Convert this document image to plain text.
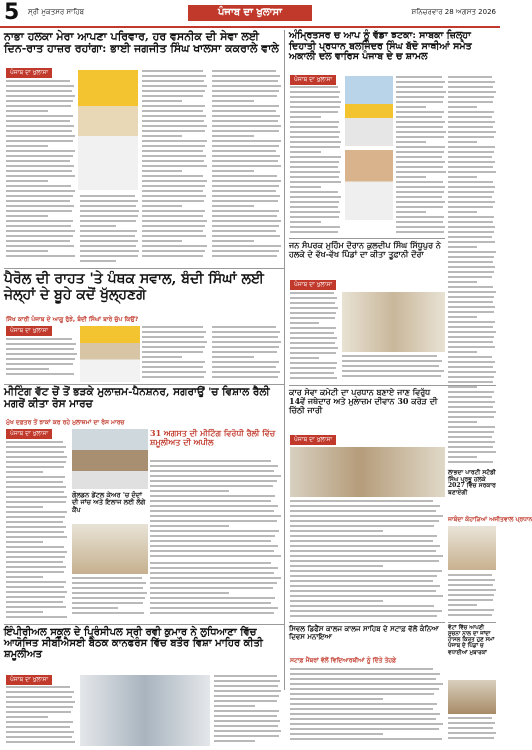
5 ਸ੍ਰੀ ਮੁਕਤਸਰ ਸਾਹਿਬ	ਪੰਜਾਬ ਦਾ ਖੁਲਾਸਾ	ਸ਼ਨਿਚਰਵਾਰ 28 ਅਗਸਤ 2026
ਨਾਭਾ ਹਲਕਾ ਮੇਰਾ ਆਪਣਾ ਪਰਿਵਾਰ, ਹਰ ਵਸਨੀਕ ਦੀ ਸੇਵਾ ਲਈ ਦਿਨ-ਰਾਤ ਹਾਜ਼ਰ ਰਹਾਂਗਾ: ਭਾਈ ਜਗਜੀਤ ਸਿੰਘ ਖਾਲਸਾ ਕਕਰਾਲੇ ਵਾਲੇ
ਪੰਜਾਬ ਦਾ ਖੁਲਾਸਾ
ਅੰਮ੍ਰਿਤਸਰ ਚ ਆਪ ਨੂੰ ਵੱਡਾ ਝਟਕਾ: ਸਾਬਕਾ ਜ਼ਿਲ੍ਹਾ ਦਿਹਾਤੀ ਪ੍ਰਧਾਨ ਬਲਜਿੰਦਰ ਸਿੰਘ ਬੱਦੋ ਸਾਥੀਆਂ ਸਮੇਤ ਅਕਾਲੀ ਦਲ ਵਾਰਿਸ ਪੰਜਾਬ ਦੇ ਚ ਸ਼ਾਮਲ
ਪੰਜਾਬ ਦਾ ਖੁਲਾਸਾ
ਪੈਰੋਲ ਦੀ ਰਾਹਤ 'ਤੇ ਪੰਥਕ ਸਵਾਲ, ਬੰਦੀ ਸਿੰਘਾਂ ਲਈ ਜੇਲ੍ਹਾਂ ਦੇ ਬੂਹੇ ਕਦੋਂ ਖੁੱਲ੍ਹਣਗੇ
ਸਿੱਖ ਕਾਰੀ ਪੰਜਾਬ ਦੇ ਆਗੂ ਰੁੱਝੇ, ਬੰਦੀ ਸਿੰਘਾਂ ਬਾਰੇ ਚੁੱਪ ਕਿਉਂ?
ਪੰਜਾਬ ਦਾ ਖੁਲਾਸਾ
ਜਨ ਸੰਪਰਕ ਮੁਹਿੰਮ ਦੌਰਾਨ ਕੁਲਦੀਪ ਸਿੰਘ ਸਿੱਧੂਪੁਰ ਨੇ ਹਲਕੇ ਦੇ ਵੱਖ-ਵੱਖ ਪਿੰਡਾਂ ਦਾ ਕੀਤਾ ਤੂਫ਼ਾਨੀ ਦੌਰਾ
ਪੰਜਾਬ ਦਾ ਖੁਲਾਸਾ
ਮੀਟਿੰਗ ਵੱਟ ਚੋਂ ਤੋਂ ਭੜਕੇ ਮੁਲਾਜ਼ਮ-ਪੈਨਸ਼ਨਰ, ਸਗਰਾਉਂ 'ਚ ਵਿਸ਼ਾਲ ਰੈਲੀ ਮਗਰੋਂ ਕੀਤਾ ਰੋਸ ਮਾਰਚ
ਮੁੱਖ ਦਫ਼ਤਰ ਤੋਂ ਝਾਕਾਂ ਕਰ ਰਹੇ ਮੁਲਾਜ਼ਮਾਂ ਦਾ ਰੋਸ ਮਾਰਚ
ਪੰਜਾਬ ਦਾ ਖੁਲਾਸਾ	31 ਅਗਸਤ ਦੀ ਮੀਟਿੰਗ ਵਿਰੋਧੀ ਰੈਲੀ ਵਿੱਚ ਸ਼ਮੂਲੀਅਤ ਦੀ ਅਪੀਲ
ਗੋਲਡਨ ਡੇਂਟਲ ਕੇਅਰ 'ਚ ਦੰਦਾਂ ਦੀ ਜਾਂਚ ਅਤੇ ਇਲਾਜ ਲਈ ਲੱਗੇ ਕੈਂਪ
ਕਾਰ ਸੇਵਾ ਕਮੇਟੀ ਦਾ ਪ੍ਰਧਾਨ ਬਣਾਏ ਜਾਣ ਵਿਰੁੱਧ 14ਵੇਂ ਜਥੇਦਾਰ ਅਤੇ ਮੁਲਾਜ਼ਮ ਦੀਵਾਨ 30 ਕਰੋੜ ਦੀ ਚਿੱਠੀ ਜਾਰੀ
ਪੰਜਾਬ ਦਾ ਖੁਲਾਸਾ
ਲਾਭਦਾ ਪਾਰਟੀ ਸਟੱਡੀ ਸਿੰਘ ਪ੍ਰਭੂ ਹਲਕੇ 2027 ਵਿੱਚ ਸਰਕਾਰ ਬਣਾਏਗੀ
ਜਾਬੰਦਾ ਕੋਹਾੜਿਆਂ ਅਜੀਤਵਾਲ ਪ੍ਰਧਾਨ
ਇੰਪੀਰੀਅਲ ਸਕੂਲ ਦੇ ਪ੍ਰਿੰਸੀਪਲ ਸ੍ਰੀ ਰਵੀ ਕੁਮਾਰ ਨੇ ਲੁਧਿਆਣਾ ਵਿੱਚ ਆਯੋਜਿਤ ਸੀਬੀਐਸਈ ਬੈਠਕ ਕਾਨਫਰੰਸ ਵਿੱਚ ਬਤੌਰ ਵਿਸ਼ਾ ਮਾਹਿਰ ਕੀਤੀ ਸ਼ਮੂਲੀਅਤ
ਪੰਜਾਬ ਦਾ ਖੁਲਾਸਾ
ਸਿਵਲ ਡਿਫੈਂਸ ਕਾਲਜ ਕਾਲਜ ਸਾਹਿਬ ਦੇ ਸਟਾਫ਼ ਵੱਲੋਂ ਕੰਨਿਆ ਦਿਵਸ ਮਨਾਇਆ
ਸਟਾਫ਼ ਮੈਂਬਰਾਂ ਵੱਲੋਂ ਵਿਦਿਆਰਥੀਆਂ ਨੂੰ ਦਿੱਤੇ ਤੋਹਫ਼ੇ
ਵੋਟਾਂ ਵਿੱਚ ਆਪਣੀ ਸੂਚਨਾ ਨਾਲ ਦਾ ਜਾਂਦਾ ਹਾਸਲ ਕਿਰਤ ਹੁਣ ਸਮਾਂ ਪੰਜਾਬ ਦੇ ਪਿੰਡਾਂ ਚ ਵਧਾਈਆਂ ਮੁਬਾਰਕਾਂ
